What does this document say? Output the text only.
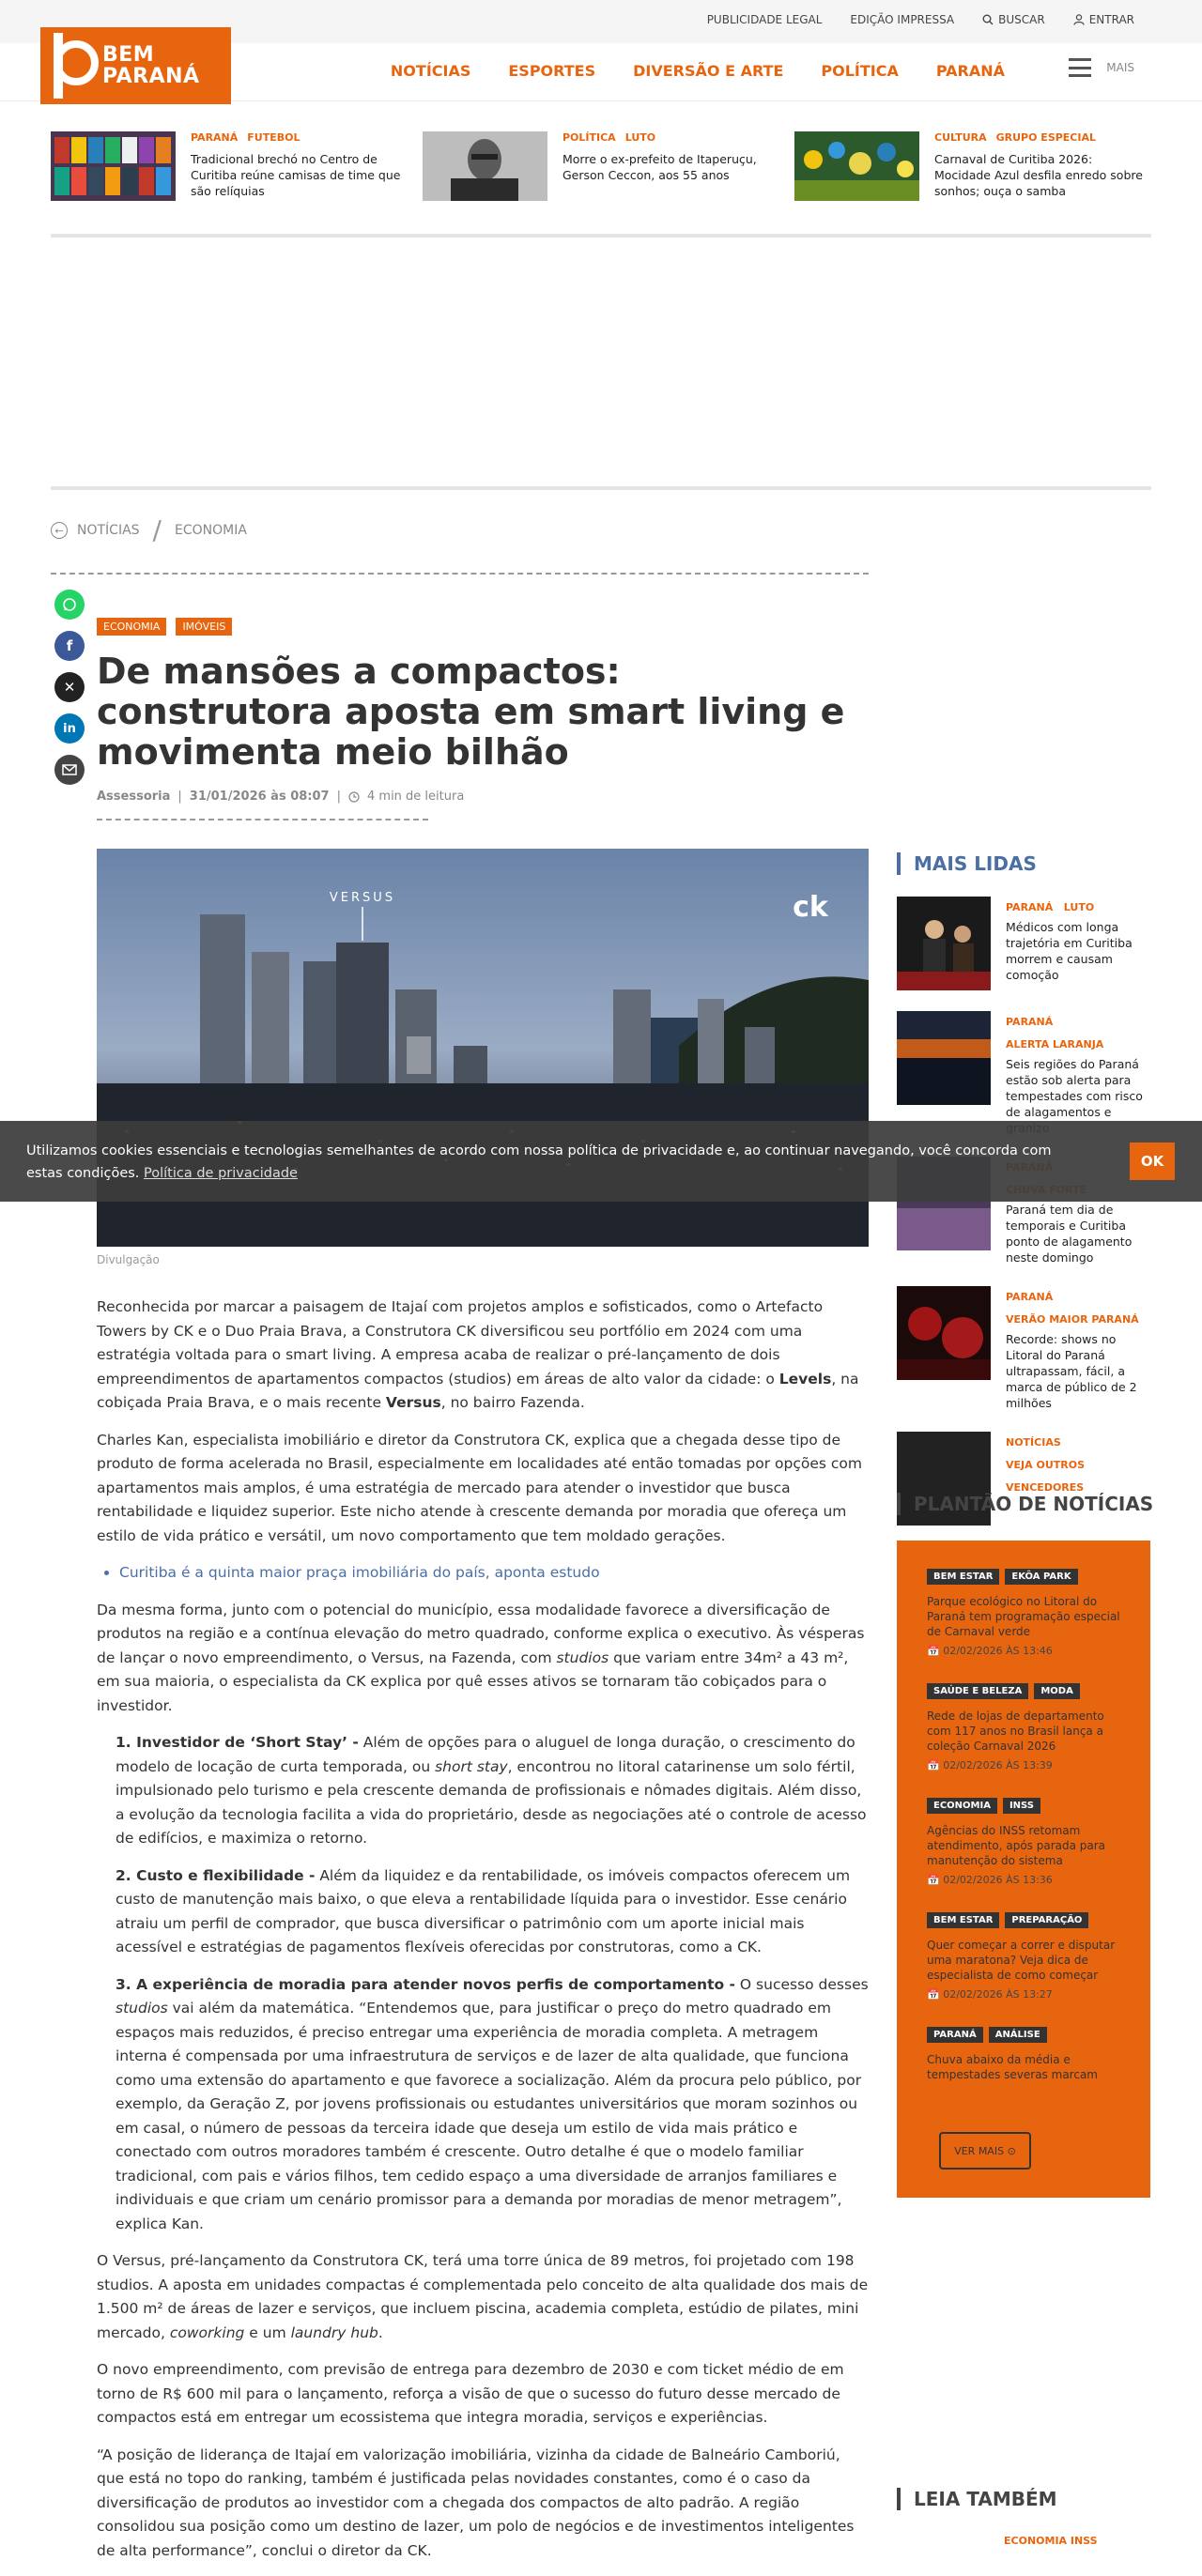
PUBLICIDADE LEGAL	EDIÇÃO IMPRESSA	BUSCAR	ENTRAR
NOTÍCIAS	ESPORTES	DIVERSÃO E ARTE	POLÍTICA	PARANÁ	MAIS
BEM
PARANÁ
PARANÁ FUTEBOL
Tradicional brechó no Centro de Curitiba reúne camisas de time que são relíquias
POLÍTICA LUTO
Morre o ex-prefeito de Itaperuçu, Gerson Ceccon, aos 55 anos
CULTURA GRUPO ESPECIAL
Carnaval de Curitiba 2026: Mocidade Azul desfila enredo sobre sonhos; ouça o samba
←	NOTÍCIAS / ECONOMIA
f
✕
in
ECONOMIA	IMÓVEIS
De mansões a compactos: construtora aposta em smart living e movimenta meio bilhão
Assessoria | 31/01/2026 às 08:07 | 4 min de leitura
VERSUS	ck
Divulgação

Reconhecida por marcar a paisagem de Itajaí com projetos amplos e sofisticados, como o Artefacto Towers by CK e o Duo Praia Brava, a Construtora CK diversificou seu portfólio em 2024 com uma estratégia voltada para o smart living. A empresa acaba de realizar o pré-lançamento de dois empreendimentos de apartamentos compactos (studios) em áreas de alto valor da cidade: o Levels, na cobiçada Praia Brava, e o mais recente Versus, no bairro Fazenda.

Charles Kan, especialista imobiliário e diretor da Construtora CK, explica que a chegada desse tipo de produto de forma acelerada no Brasil, especialmente em localidades até então tomadas por opções com apartamentos mais amplos, é uma estratégia de mercado para atender o investidor que busca rentabilidade e liquidez superior. Este nicho atende à crescente demanda por moradia que ofereça um estilo de vida prático e versátil, um novo comportamento que tem moldado gerações.

• Curitiba é a quinta maior praça imobiliária do país, aponta estudo

Da mesma forma, junto com o potencial do município, essa modalidade favorece a diversificação de produtos na região e a contínua elevação do metro quadrado, conforme explica o executivo. Às vésperas de lançar o novo empreendimento, o Versus, na Fazenda, com studios que variam entre 34m² a 43 m², em sua maioria, o especialista da CK explica por quê esses ativos se tornaram tão cobiçados para o investidor.

1. Investidor de ‘Short Stay’ - Além de opções para o aluguel de longa duração, o crescimento do modelo de locação de curta temporada, ou short stay, encontrou no litoral catarinense um solo fértil, impulsionado pelo turismo e pela crescente demanda de profissionais e nômades digitais. Além disso, a evolução da tecnologia facilita a vida do proprietário, desde as negociações até o controle de acesso de edifícios, e maximiza o retorno.
2. Custo e flexibilidade - Além da liquidez e da rentabilidade, os imóveis compactos oferecem um custo de manutenção mais baixo, o que eleva a rentabilidade líquida para o investidor. Esse cenário atraiu um perfil de comprador, que busca diversificar o patrimônio com um aporte inicial mais acessível e estratégias de pagamentos flexíveis oferecidas por construtoras, como a CK.
3. A experiência de moradia para atender novos perfis de comportamento - O sucesso desses studios vai além da matemática. “Entendemos que, para justificar o preço do metro quadrado em espaços mais reduzidos, é preciso entregar uma experiência de moradia completa. A metragem interna é compensada por uma infraestrutura de serviços e de lazer de alta qualidade, que funciona como uma extensão do apartamento e que favorece a socialização. Além da procura pelo público, por exemplo, da Geração Z, por jovens profissionais ou estudantes universitários que moram sozinhos ou em casal, o número de pessoas da terceira idade que deseja um estilo de vida mais prático e conectado com outros moradores também é crescente. Outro detalhe é que o modelo familiar tradicional, com pais e vários filhos, tem cedido espaço a uma diversidade de arranjos familiares e individuais e que criam um cenário promissor para a demanda por moradias de menor metragem”, explica Kan.

O Versus, pré-lançamento da Construtora CK, terá uma torre única de 89 metros, foi projetado com 198 studios. A aposta em unidades compactas é complementada pelo conceito de alta qualidade dos mais de 1.500 m² de áreas de lazer e serviços, que incluem piscina, academia completa, estúdio de pilates, mini mercado, coworking e um laundry hub.

O novo empreendimento, com previsão de entrega para dezembro de 2030 e com ticket médio de em torno de R$ 600 mil para o lançamento, reforça a visão de que o sucesso do futuro desse mercado de compactos está em entregar um ecossistema que integra moradia, serviços e experiências.

“A posição de liderança de Itajaí em valorização imobiliária, vizinha da cidade de Balneário Camboriú, que está no topo do ranking, também é justificada pelas novidades constantes, como é o caso da diversificação de produtos ao investidor com a chegada dos compactos de alto padrão. A região consolidou sua posição como um destino de lazer, um polo de negócios e de investimentos inteligentes de alta performance”, conclui o diretor da CK.

MAIS LIDAS
PARANÁ LUTO
Médicos com longa trajetória em Curitiba morrem e causam comoção
PARANÁ
ALERTA LARANJA
Seis regiões do Paraná estão sob alerta para tempestades com risco de alagamentos e
Paraná tem dia de temporais e Curitiba ponto de alagamento neste domingo
PARANÁ
VERÃO MAIOR PARANÁ
Recorde: shows no Litoral do Paraná ultrapassam, fácil, a marca de público de 2 milhões
NOTÍCIAS
VEJA OUTROS VENCEDORES
PLANTÃO DE NOTÍCIAS
BEM ESTAR	EKÔA PARK
Parque ecológico no Litoral do Paraná tem programação especial de Carnaval verde
📅 02/02/2026 ÀS 13:46
SAÚDE E BELEZA	MODA
Rede de lojas de departamento com 117 anos no Brasil lança a coleção Carnaval 2026
📅 02/02/2026 ÀS 13:39
ECONOMIA	INSS
Agências do INSS retomam atendimento, após parada para manutenção do sistema
📅 02/02/2026 ÀS 13:36
BEM ESTAR	PREPARAÇÃO
Quer começar a correr e disputar uma maratona? Veja dica de especialista de como começar
📅 02/02/2026 ÀS 13:27
PARANÁ	ANÁLISE
Chuva abaixo da média e tempestades severas marcam
VER MAIS
⊙
LEIA TAMBÉM
ECONOMIA INSS
Utilizamos cookies essenciais e tecnologias semelhantes de acordo com nossa política de privacidade e, ao continuar navegando, você concorda com estas condições. Política de privacidade
OK
